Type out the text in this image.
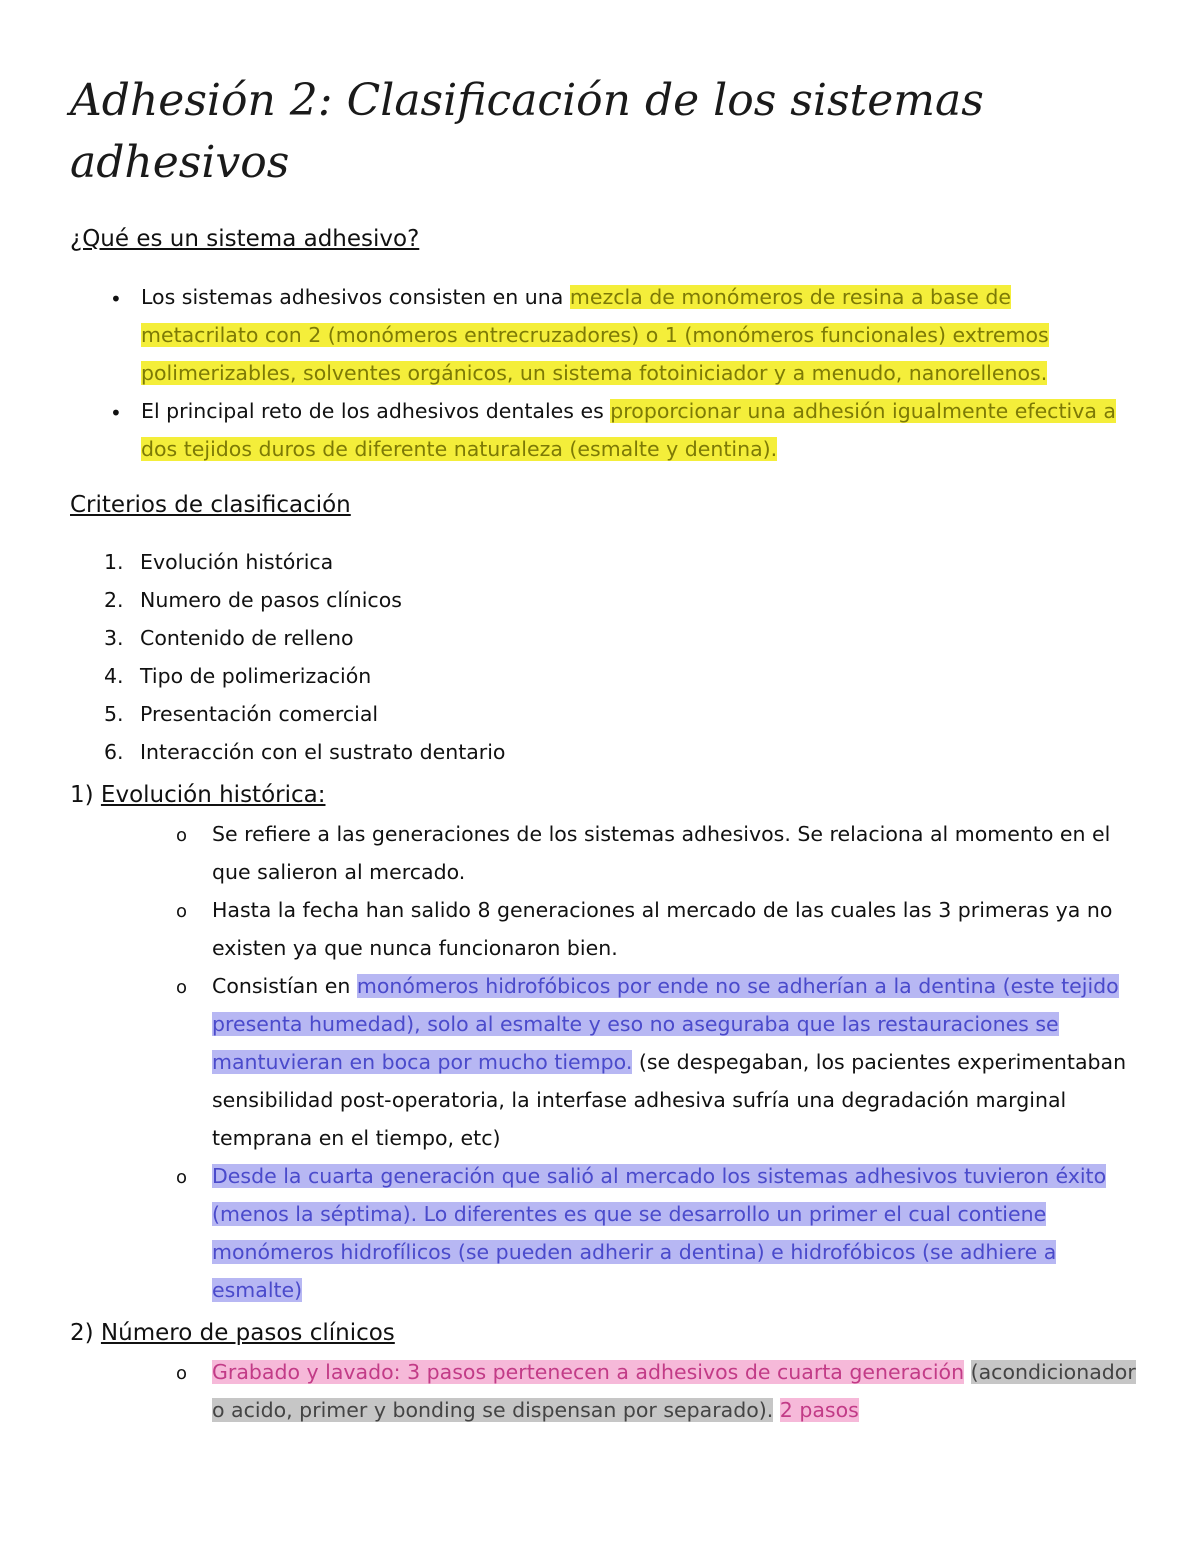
Adhesión 2: Clasificación de los sistemas adhesivos
¿Qué es un sistema adhesivo?
• Los sistemas adhesivos consisten en una mezcla de monómeros de resina a base de metacrilato con 2 (monómeros entrecruzadores) o 1 (monómeros funcionales) extremos polimerizables, solventes orgánicos, un sistema fotoiniciador y a menudo, nanorellenos.

• El principal reto de los adhesivos dentales es proporcionar una adhesión igualmente efectiva a dos tejidos duros de diferente naturaleza (esmalte y dentina).

Criterios de clasificación
1. Evolución histórica
2. Numero de pasos clínicos
3. Contenido de relleno
4. Tipo de polimerización
5. Presentación comercial
6. Interacción con el sustrato dentario
1) Evolución histórica:
o Se refiere a las generaciones de los sistemas adhesivos. Se relaciona al momento en el que salieron al mercado.

o Hasta la fecha han salido 8 generaciones al mercado de las cuales las 3 primeras ya no existen ya que nunca funcionaron bien.

o Consistían en monómeros hidrofóbicos por ende no se adherían a la dentina (este tejido presenta humedad), solo al esmalte y eso no aseguraba que las restauraciones se mantuvieran en boca por mucho tiempo. (se despegaban, los pacientes experimentaban sensibilidad post-operatoria, la interfase adhesiva sufría una degradación marginal temprana en el tiempo, etc)

o Desde la cuarta generación que salió al mercado los sistemas adhesivos tuvieron éxito (menos la séptima). Lo diferentes es que se desarrollo un primer el cual contiene monómeros hidrofílicos (se pueden adherir a dentina) e hidrofóbicos (se adhiere a esmalte)

2) Número de pasos clínicos
o Grabado y lavado: 3 pasos pertenecen a adhesivos de cuarta generación (acondicionador o acido, primer y bonding se dispensan por separado). 2 pasos
